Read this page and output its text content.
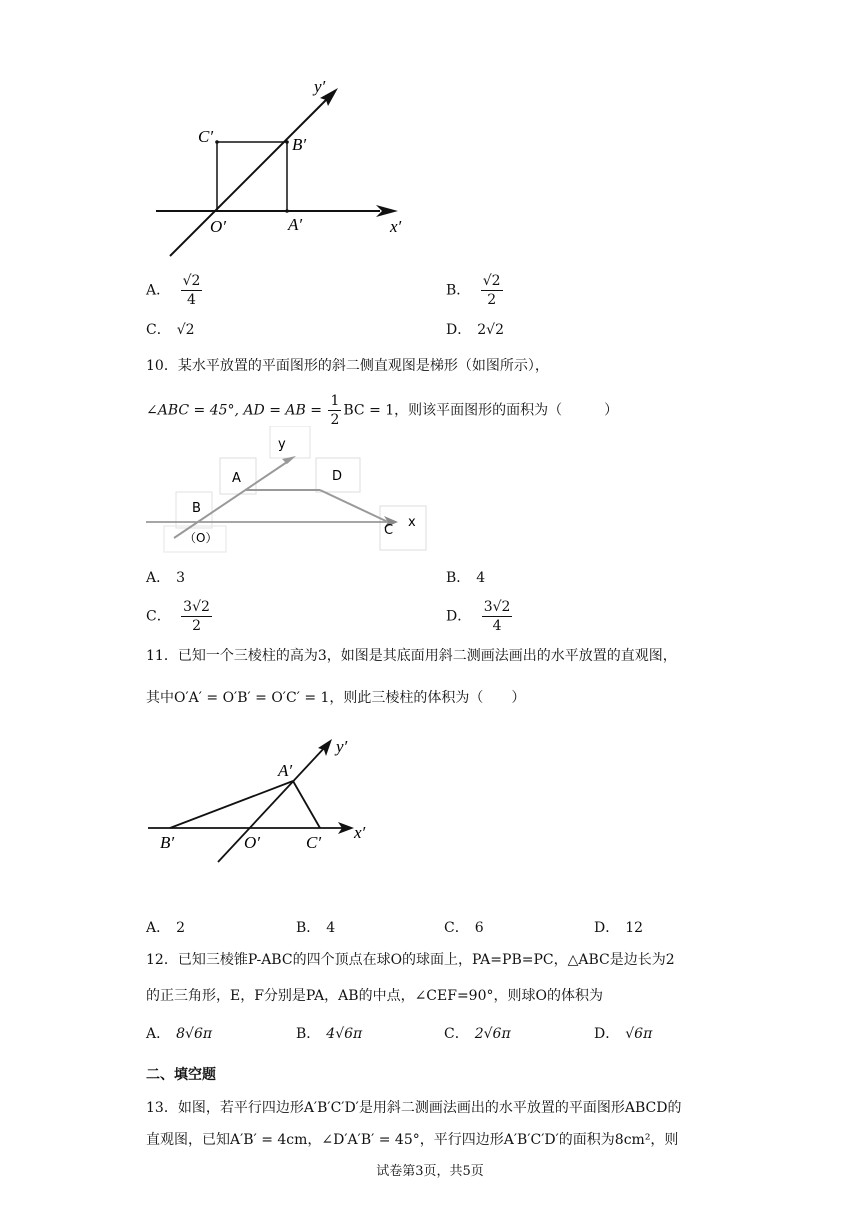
y′
x′
C′	B′
O′	A′
A． $\frac{√2}{4}$	B． $\frac{√2}{2}$
C． √2	D． 2√2
10．某水平放置的平面图形的斜二侧直观图是梯形（如图所示），
∠ABC = 45°, AD = AB = $\frac{1}{2}$ BC = 1，则该平面图形的面积为（　　　）
y
A	D
B
（O）	C
x
A． 3	B． 4
C． $\frac{3√2}{2}$	D． $\frac{3√2}{4}$
11．已知一个三棱柱的高为3，如图是其底面用斜二测画法画出的水平放置的直观图，
其中O′A′ = O′B′ = O′C′ = 1，则此三棱柱的体积为（　　）
y′
A′
B′	O′	C′
x′
A． 2	B． 4	C． 6	D． 12
12．已知三棱锥P-ABC的四个顶点在球O的球面上，PA=PB=PC，△ABC是边长为2
的正三角形，E，F分别是PA，AB的中点，∠CEF=90°，则球O的体积为
A． 8√6π	B． 4√6π	C． 2√6π	D． √6π
二、填空题
13．如图，若平行四边形A′B′C′D′是用斜二测画法画出的水平放置的平面图形ABCD的
直观图，已知A′B′ = 4cm，∠D′A′B′ = 45°，平行四边形A′B′C′D′的面积为8cm²，则
试卷第3页，共5页
